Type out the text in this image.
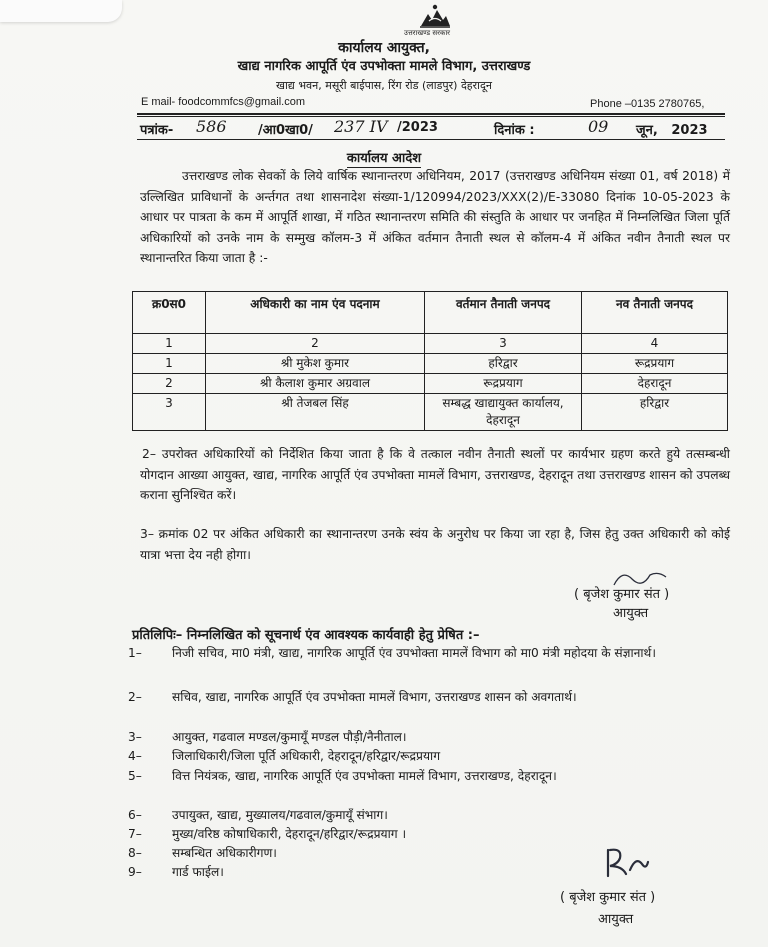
उत्तराखण्ड सरकार
कार्यालय आयुक्त,
खाद्य नागरिक आपूर्ति एंव उपभोक्ता मामले विभाग, उत्तराखण्ड
खाद्य भवन, मसूरी बाईपास, रिंग रोड (लाडपुर) देहरादून
E mail- foodcommfcs@gmail.com	Phone –0135 2780765,
पत्रांक- 586 /आ0खा0/ 237 IV /2023	दिनांक :	09 जून,   2023
कार्यालय आदेश

उत्तराखण्ड लोक सेवकों के लिये वार्षिक स्थानान्तरण अधिनियम, 2017 (उत्तराखण्ड अधिनियम संख्या 01, वर्ष 2018) में उल्लिखित प्राविधानों के अर्न्तगत तथा शासनादेश संख्या-1/120994/2023/XXX(2)/E-33080 दिनांक 10-05-2023 के आधार पर पात्रता के कम में आपूर्ति शाखा, में गठित स्थानान्तरण समिति की संस्तुति के आधार पर जनहित में निम्नलिखित जिला पूर्ति अधिकारियों को उनके नाम के सम्मुख कॉलम-3 में अंकित वर्तमान तैनाती स्थल से कॉलम-4 में अंकित नवीन तैनाती स्थल पर स्थानान्तरित किया जाता है :-

क्र0स0	अधिकारी का नाम एंव पदनाम	वर्तमान तैनाती जनपद	नव तैनाती जनपद
1	2	3	4
1	श्री मुकेश कुमार	हरिद्वार	रूद्रप्रयाग
2	श्री कैलाश कुमार अग्रवाल	रूद्रप्रयाग	देहरादून
3	श्री तेजबल सिंह	सम्बद्ध खाद्यायुक्त कार्यालय, देहरादून	हरिद्वार

2– उपरोक्त अधिकारियों को निर्देशित किया जाता है कि वे तत्काल नवीन तैनाती स्थलों पर कार्यभार ग्रहण करते हुये तत्सम्बन्धी योगदान आख्या आयुक्त, खाद्य, नागरिक आपूर्ति एंव उपभोक्ता मामलें विभाग, उत्तराखण्ड, देहरादून तथा उत्तराखण्ड शासन को उपलब्ध कराना सुनिश्चित करें।

3– क्रमांक 02 पर अंकित अधिकारी का स्थानान्तरण उनके स्वंय के अनुरोध पर किया जा रहा है, जिस हेतु उक्त अधिकारी को कोई यात्रा भत्ता देय नही होगा।

( बृजेश कुमार संत )
आयुक्त
प्रतिलिपिः– निम्नलिखित को सूचनार्थ एंव आवश्यक कार्यवाही हेतु प्रेषित :–
1–	निजी सचिव, मा0 मंत्री, खाद्य, नागरिक आपूर्ति एंव उपभोक्ता मामलें विभाग को मा0 मंत्री महोदया के संज्ञानार्थ।
2–	सचिव, खाद्य, नागरिक आपूर्ति एंव उपभोक्ता मामलें विभाग, उत्तराखण्ड शासन को अवगतार्थ।
3–	आयुक्त, गढवाल मण्डल/कुमायूँ मण्डल पौड़ी/नैनीताल।
4–	जिलाधिकारी/जिला पूर्ति अधिकारी, देहरादून/हरिद्वार/रूद्रप्रयाग
5–	वित्त नियंत्रक, खाद्य, नागरिक आपूर्ति एंव उपभोक्ता मामलें विभाग, उत्तराखण्ड, देहरादून।
6–	उपायुक्त, खाद्य, मुख्यालय/गढवाल/कुमायूँ संभाग।
7–	मुख्य/वरिष्ठ कोषाधिकारी, देहरादून/हरिद्वार/रूद्रप्रयाग ।
8–	सम्बन्धित अधिकारीगण।
9–	गार्ड फाईल।
( बृजेश कुमार संत )
आयुक्त
